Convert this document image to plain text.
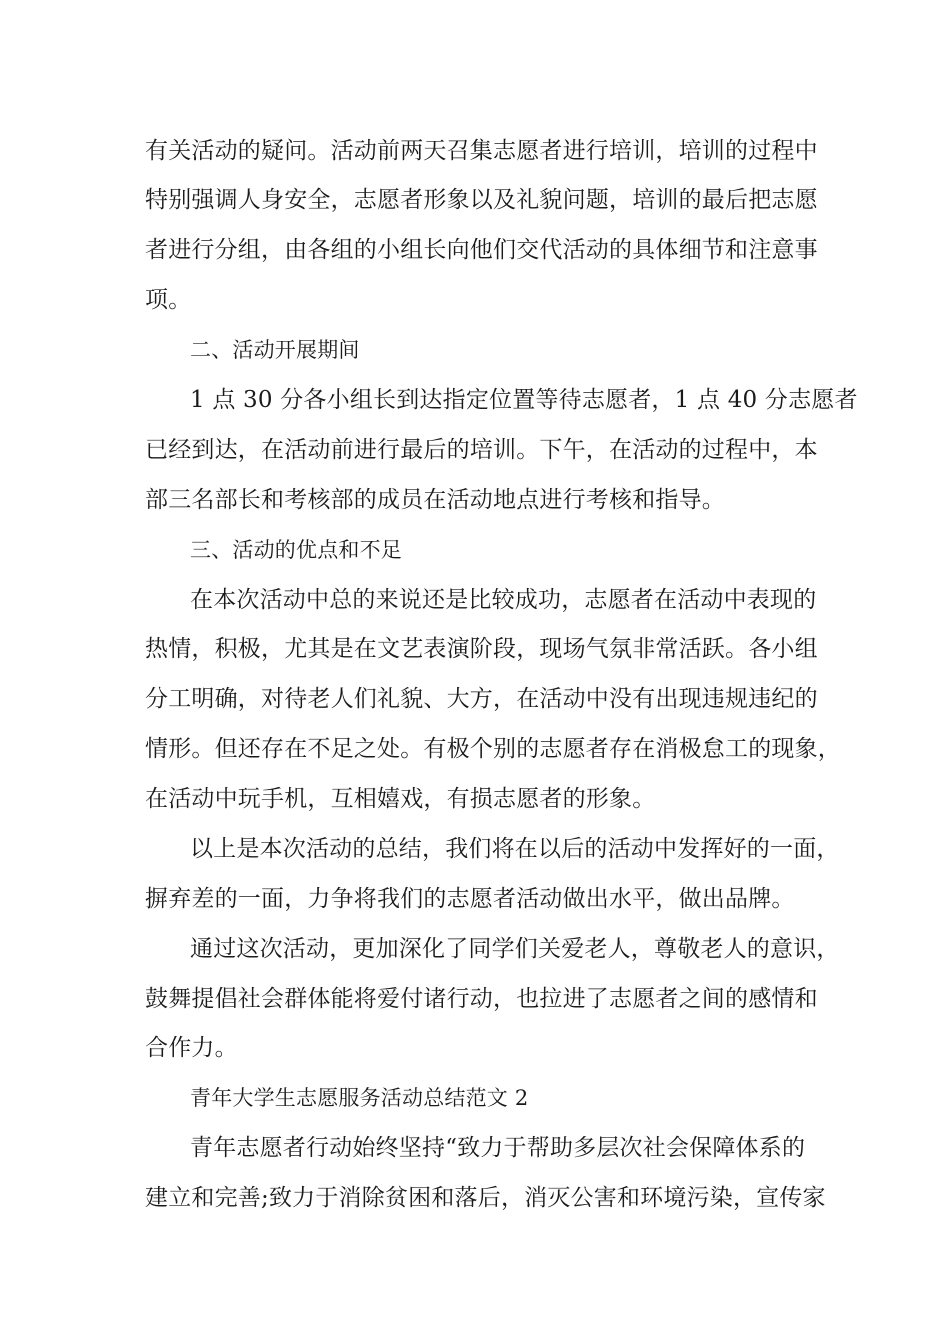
有关活动的疑问。活动前两天召集志愿者进行培训，培训的过程中
特别强调人身安全，志愿者形象以及礼貌问题，培训的最后把志愿
者进行分组，由各组的小组长向他们交代活动的具体细节和注意事
项。
二、活动开展期间
1 点 30 分各小组长到达指定位置等待志愿者，1 点 40 分志愿者
已经到达，在活动前进行最后的培训。下午，在活动的过程中，本
部三名部长和考核部的成员在活动地点进行考核和指导。
三、活动的优点和不足
在本次活动中总的来说还是比较成功，志愿者在活动中表现的
热情，积极，尤其是在文艺表演阶段，现场气氛非常活跃。各小组
分工明确，对待老人们礼貌、大方，在活动中没有出现违规违纪的
情形。但还存在不足之处。有极个别的志愿者存在消极怠工的现象，
在活动中玩手机，互相嬉戏，有损志愿者的形象。
以上是本次活动的总结，我们将在以后的活动中发挥好的一面，
摒弃差的一面，力争将我们的志愿者活动做出水平，做出品牌。
通过这次活动，更加深化了同学们关爱老人，尊敬老人的意识，
鼓舞提倡社会群体能将爱付诸行动，也拉进了志愿者之间的感情和
合作力。
青年大学生志愿服务活动总结范文 2
青年志愿者行动始终坚持“致力于帮助多层次社会保障体系的
建立和完善;致力于消除贫困和落后，消灭公害和环境污染，宣传家
